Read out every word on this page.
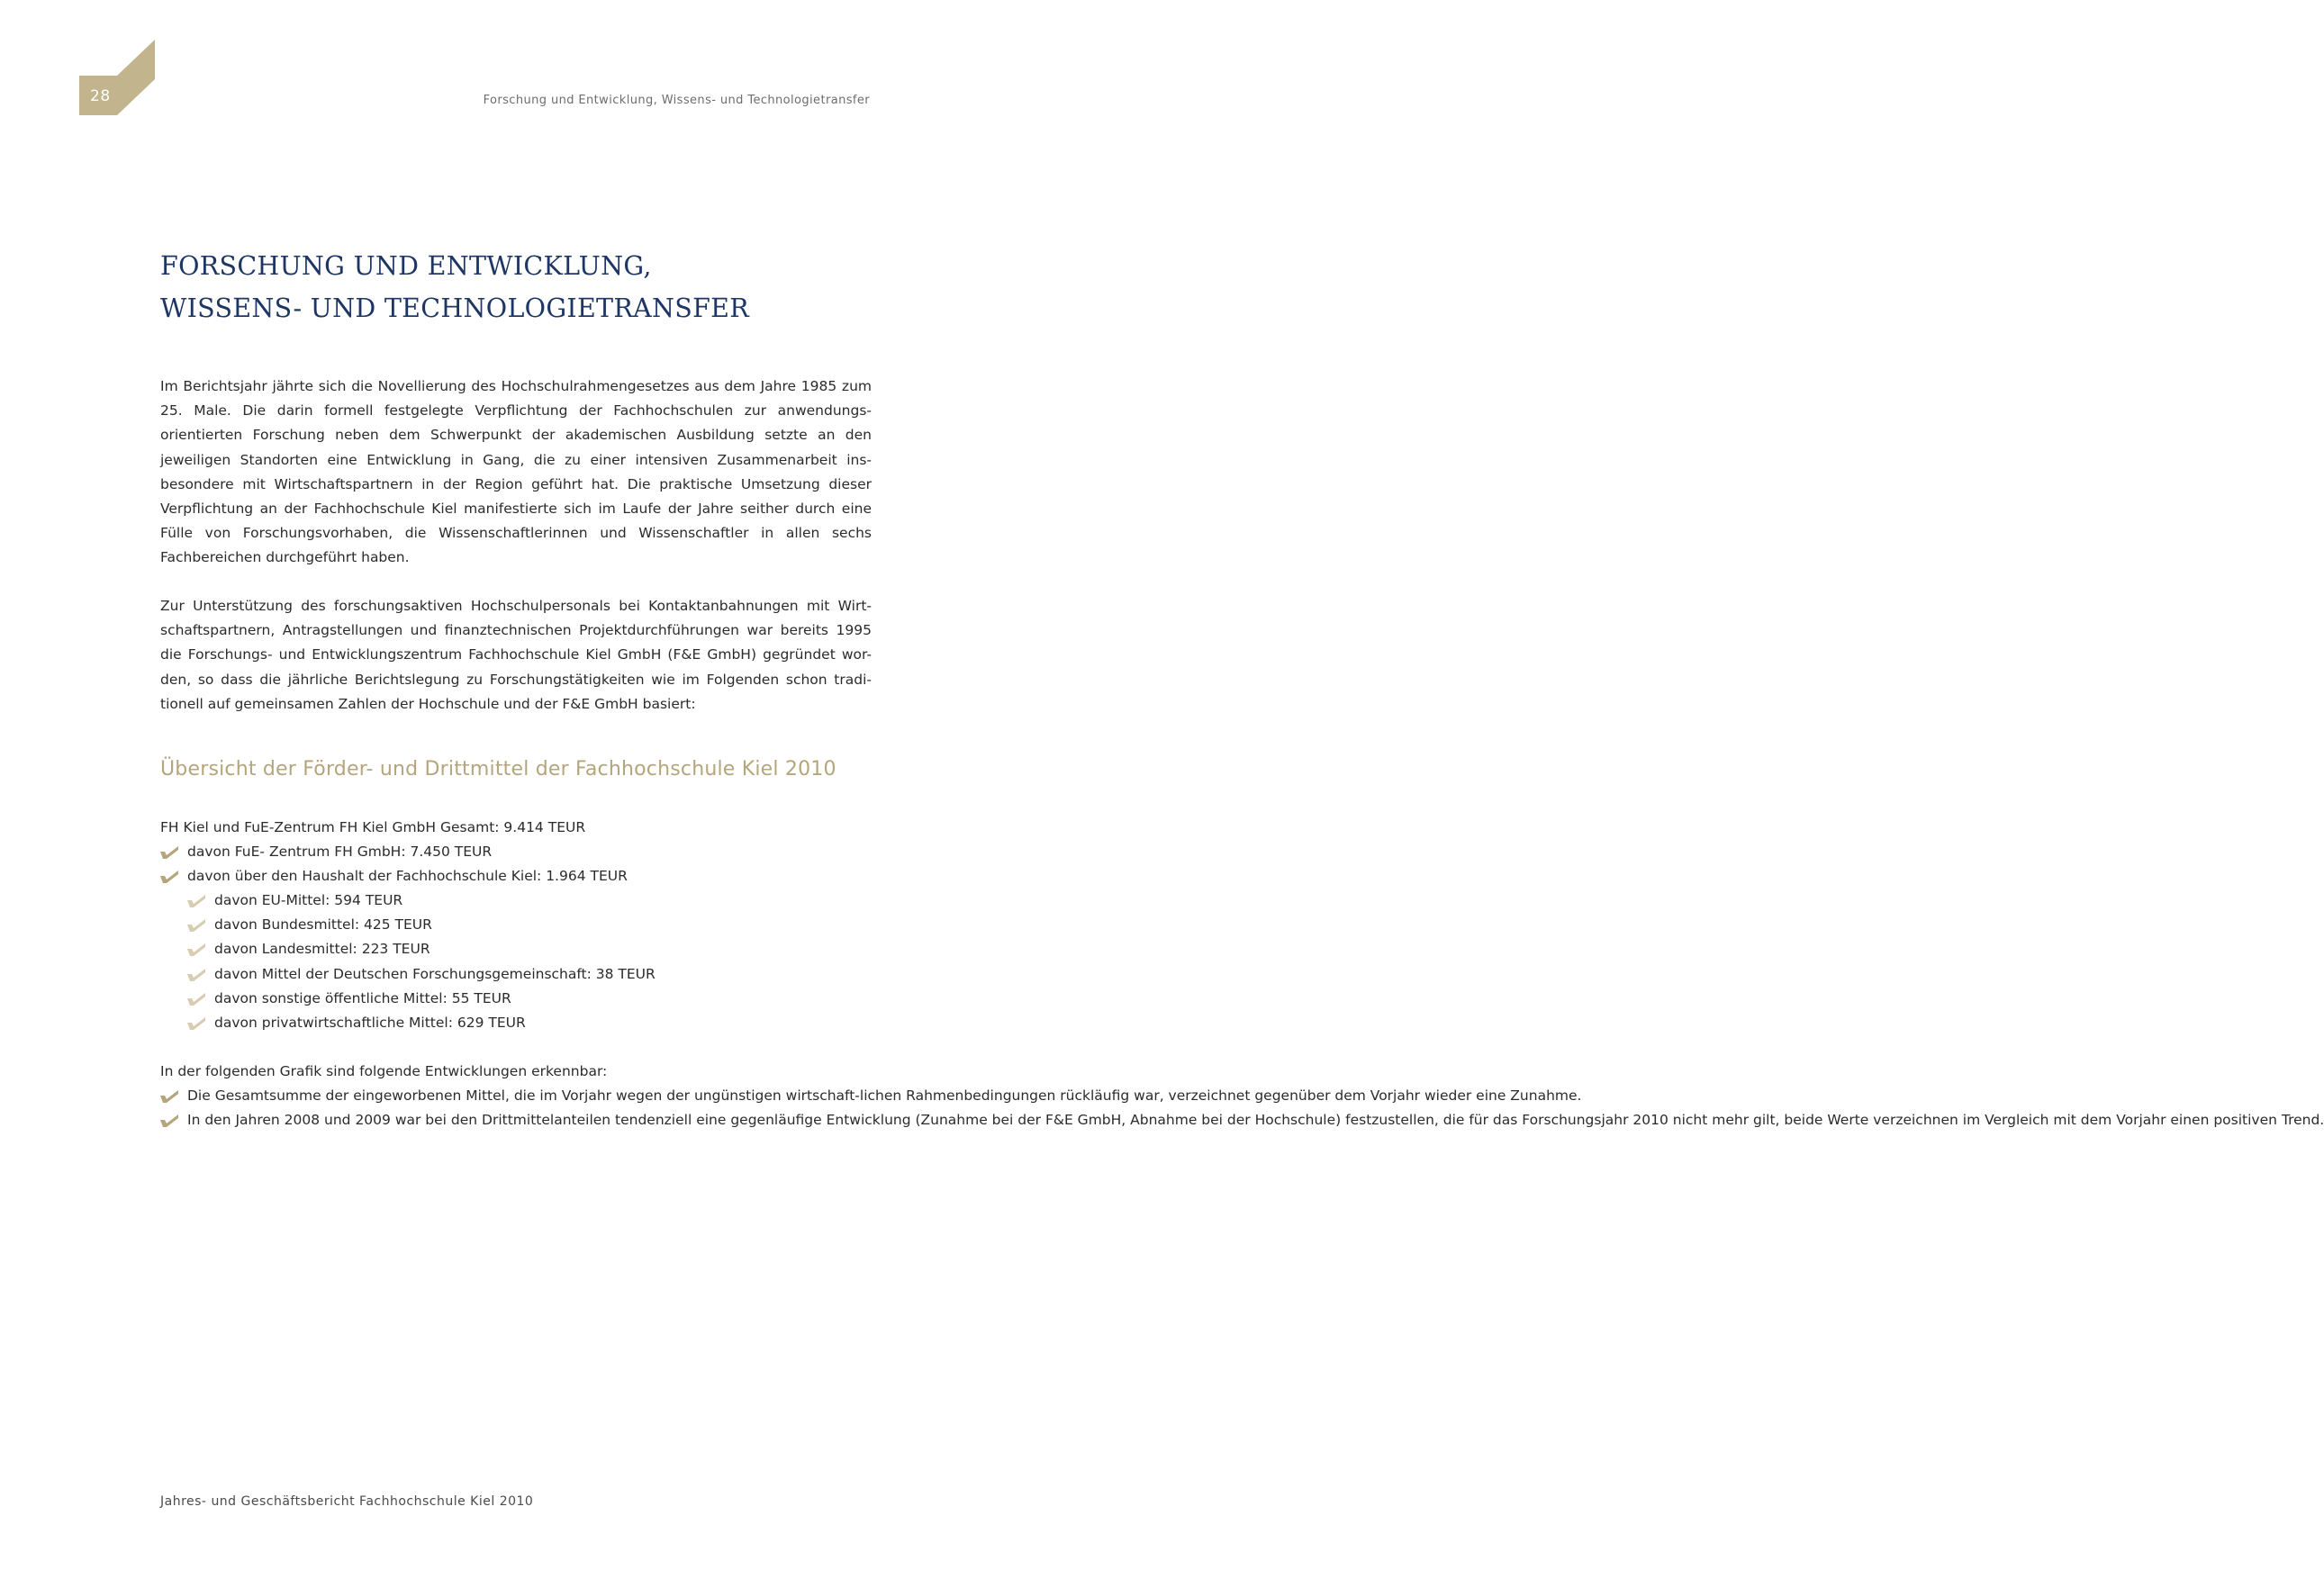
28	Forschung und Entwicklung, Wissens- und Technologietransfer
FORSCHUNG UND ENTWICKLUNG,
WISSENS- UND TECHNOLOGIETRANSFER

Im Berichtsjahr jährte sich die Novellierung des Hochschulrahmengesetzes aus dem Jahre 1985 zum 25. Male. Die darin formell festgelegte Verpflichtung der Fachhochschulen zur anwendungs-orientierten Forschung neben dem Schwerpunkt der akademischen Ausbildung setzte an den jeweiligen Standorten eine Entwicklung in Gang, die zu einer intensiven Zusammenarbeit ins-besondere mit Wirtschaftspartnern in der Region geführt hat. Die praktische Umsetzung dieser Verpflichtung an der Fachhochschule Kiel manifestierte sich im Laufe der Jahre seither durch eine Fülle von Forschungsvorhaben, die Wissenschaftlerinnen und Wissenschaftler in allen sechs Fachbereichen durchgeführt haben.

Zur Unterstützung des forschungsaktiven Hochschulpersonals bei Kontaktanbahnungen mit Wirt-schaftspartnern, Antragstellungen und finanztechnischen Projektdurchführungen war bereits 1995 die Forschungs- und Entwicklungszentrum Fachhochschule Kiel GmbH (F&E GmbH) gegründet wor-den, so dass die jährliche Berichtslegung zu Forschungstätigkeiten wie im Folgenden schon tradi-tionell auf gemeinsamen Zahlen der Hochschule und der F&E GmbH basiert:

Übersicht der Förder- und Drittmittel der Fachhochschule Kiel 2010
FH Kiel und FuE-Zentrum FH Kiel GmbH Gesamt: 9.414 TEUR
davon FuE- Zentrum FH GmbH: 7.450 TEUR
davon über den Haushalt der Fachhochschule Kiel: 1.964 TEUR
davon EU-Mittel: 594 TEUR
davon Bundesmittel: 425 TEUR
davon Landesmittel: 223 TEUR
davon Mittel der Deutschen Forschungsgemeinschaft: 38 TEUR
davon sonstige öffentliche Mittel: 55 TEUR
davon privatwirtschaftliche Mittel: 629 TEUR
In der folgenden Grafik sind folgende Entwicklungen erkennbar:
Die Gesamtsumme der eingeworbenen Mittel, die im Vorjahr wegen der ungünstigen wirtschaft-lichen Rahmenbedingungen rückläufig war, verzeichnet gegenüber dem Vorjahr wieder eine Zunahme.
In den Jahren 2008 und 2009 war bei den Drittmittelanteilen tendenziell eine gegenläufige Entwicklung (Zunahme bei der F&E GmbH, Abnahme bei der Hochschule) festzustellen, die für das Forschungsjahr 2010 nicht mehr gilt, beide Werte verzeichnen im Vergleich mit dem Vorjahr einen positiven Trend.
Jahres- und Geschäftsbericht Fachhochschule Kiel 2010
